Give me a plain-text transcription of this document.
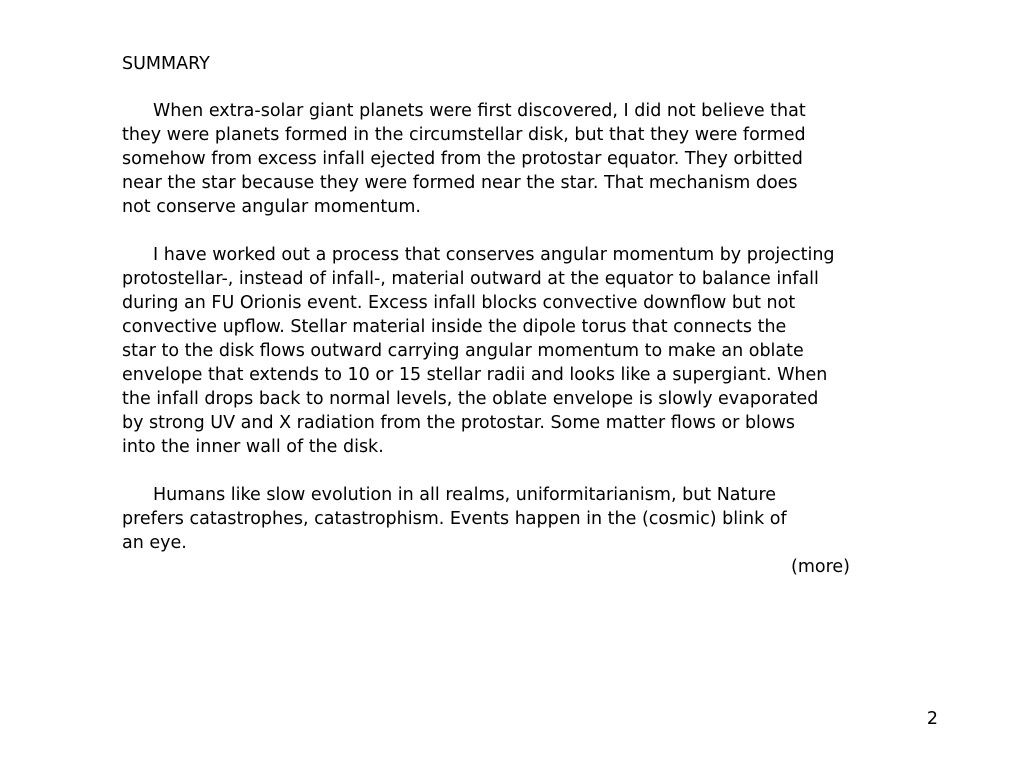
SUMMARY

When extra-solar giant planets were first discovered, I did not believe that
they were planets formed in the circumstellar disk, but that they were formed
somehow from excess infall ejected from the protostar equator. They orbitted
near the star because they were formed near the star. That mechanism does
not conserve angular momentum.

I have worked out a process that conserves angular momentum by projecting
protostellar-, instead of infall-, material outward at the equator to balance infall
during an FU Orionis event. Excess infall blocks convective downflow but not
convective upflow. Stellar material inside the dipole torus that connects the
star to the disk flows outward carrying angular momentum to make an oblate
envelope that extends to 10 or 15 stellar radii and looks like a supergiant. When
the infall drops back to normal levels, the oblate envelope is slowly evaporated
by strong UV and X radiation from the protostar. Some matter flows or blows
into the inner wall of the disk.

Humans like slow evolution in all realms, uniformitarianism, but Nature
prefers catastrophes, catastrophism. Events happen in the (cosmic) blink of
an eye.

(more)
2
